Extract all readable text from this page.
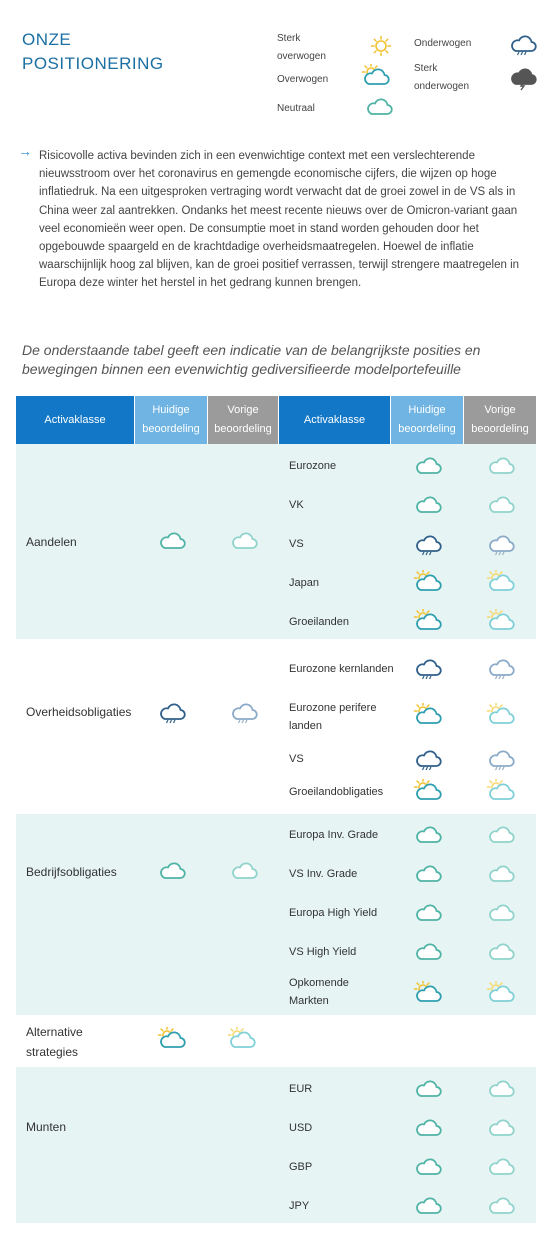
ONZE
POSITIONERING
Sterk
overwogen
Overwogen
Neutraal
Onderwogen
Sterk
onderwogen
→ Risicovolle activa bevinden zich in een evenwichtige context met een verslechterende nieuwsstroom over het coronavirus en gemengde economische cijfers, die wijzen op hoge inflatiedruk. Na een uitgesproken vertraging wordt verwacht dat de groei zowel in de VS als in China weer zal aantrekken. Ondanks het meest recente nieuws over de Omicron-variant gaan veel economieën weer open. De consumptie moet in stand worden gehouden door het opgebouwde spaargeld en de krachtdadige overheidsmaatregelen. Hoewel de inflatie waarschijnlijk hoog zal blijven, kan de groei positief verrassen, terwijl strengere maatregelen in Europa deze winter het herstel in het gedrang kunnen brengen.

De onderstaande tabel geeft een indicatie van de belangrijkste posities en bewegingen binnen een evenwichtig gediversifieerde modelportefeuille

Activaklasse
Huidige
beoordeling
Vorige
beoordeling
Activaklasse
Huidige
beoordeling
Vorige
beoordeling
Aandelen
Eurozone
VK
VS
Japan
Groeilanden
Overheidsobligaties
Eurozone kernlanden
Eurozone perifere landen
VS
Groeilandobligaties
Bedrijfsobligaties
Europa Inv. Grade
VS Inv. Grade
Europa High Yield
VS High Yield
Opkomende Markten
Alternative strategies
Munten
EUR
USD
GBP
JPY
